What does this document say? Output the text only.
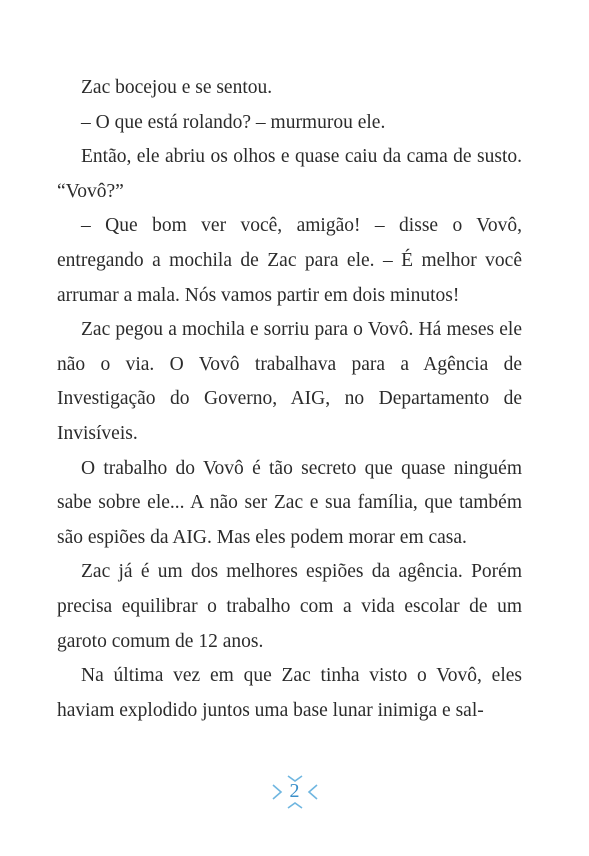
Zac bocejou e se sentou.

– O que está rolando? – murmurou ele.

Então, ele abriu os olhos e quase caiu da cama de susto. “Vovô?”

– Que bom ver você, amigão! – disse o Vovô, entregando a mochila de Zac para ele. – É melhor você arrumar a mala. Nós vamos partir em dois minutos!

Zac pegou a mochila e sorriu para o Vovô. Há meses ele não o via. O Vovô trabalhava para a Agência de Investigação do Governo, AIG, no Departamento de Invisíveis.

O trabalho do Vovô é tão secreto que quase ninguém sabe sobre ele... A não ser Zac e sua família, que também são espiões da AIG. Mas eles podem morar em casa.

Zac já é um dos melhores espiões da agência. Porém precisa equilibrar o trabalho com a vida escolar de um garoto comum de 12 anos.

Na última vez em que Zac tinha visto o Vovô, eles haviam explodido juntos uma base lunar inimiga e sal-

2
